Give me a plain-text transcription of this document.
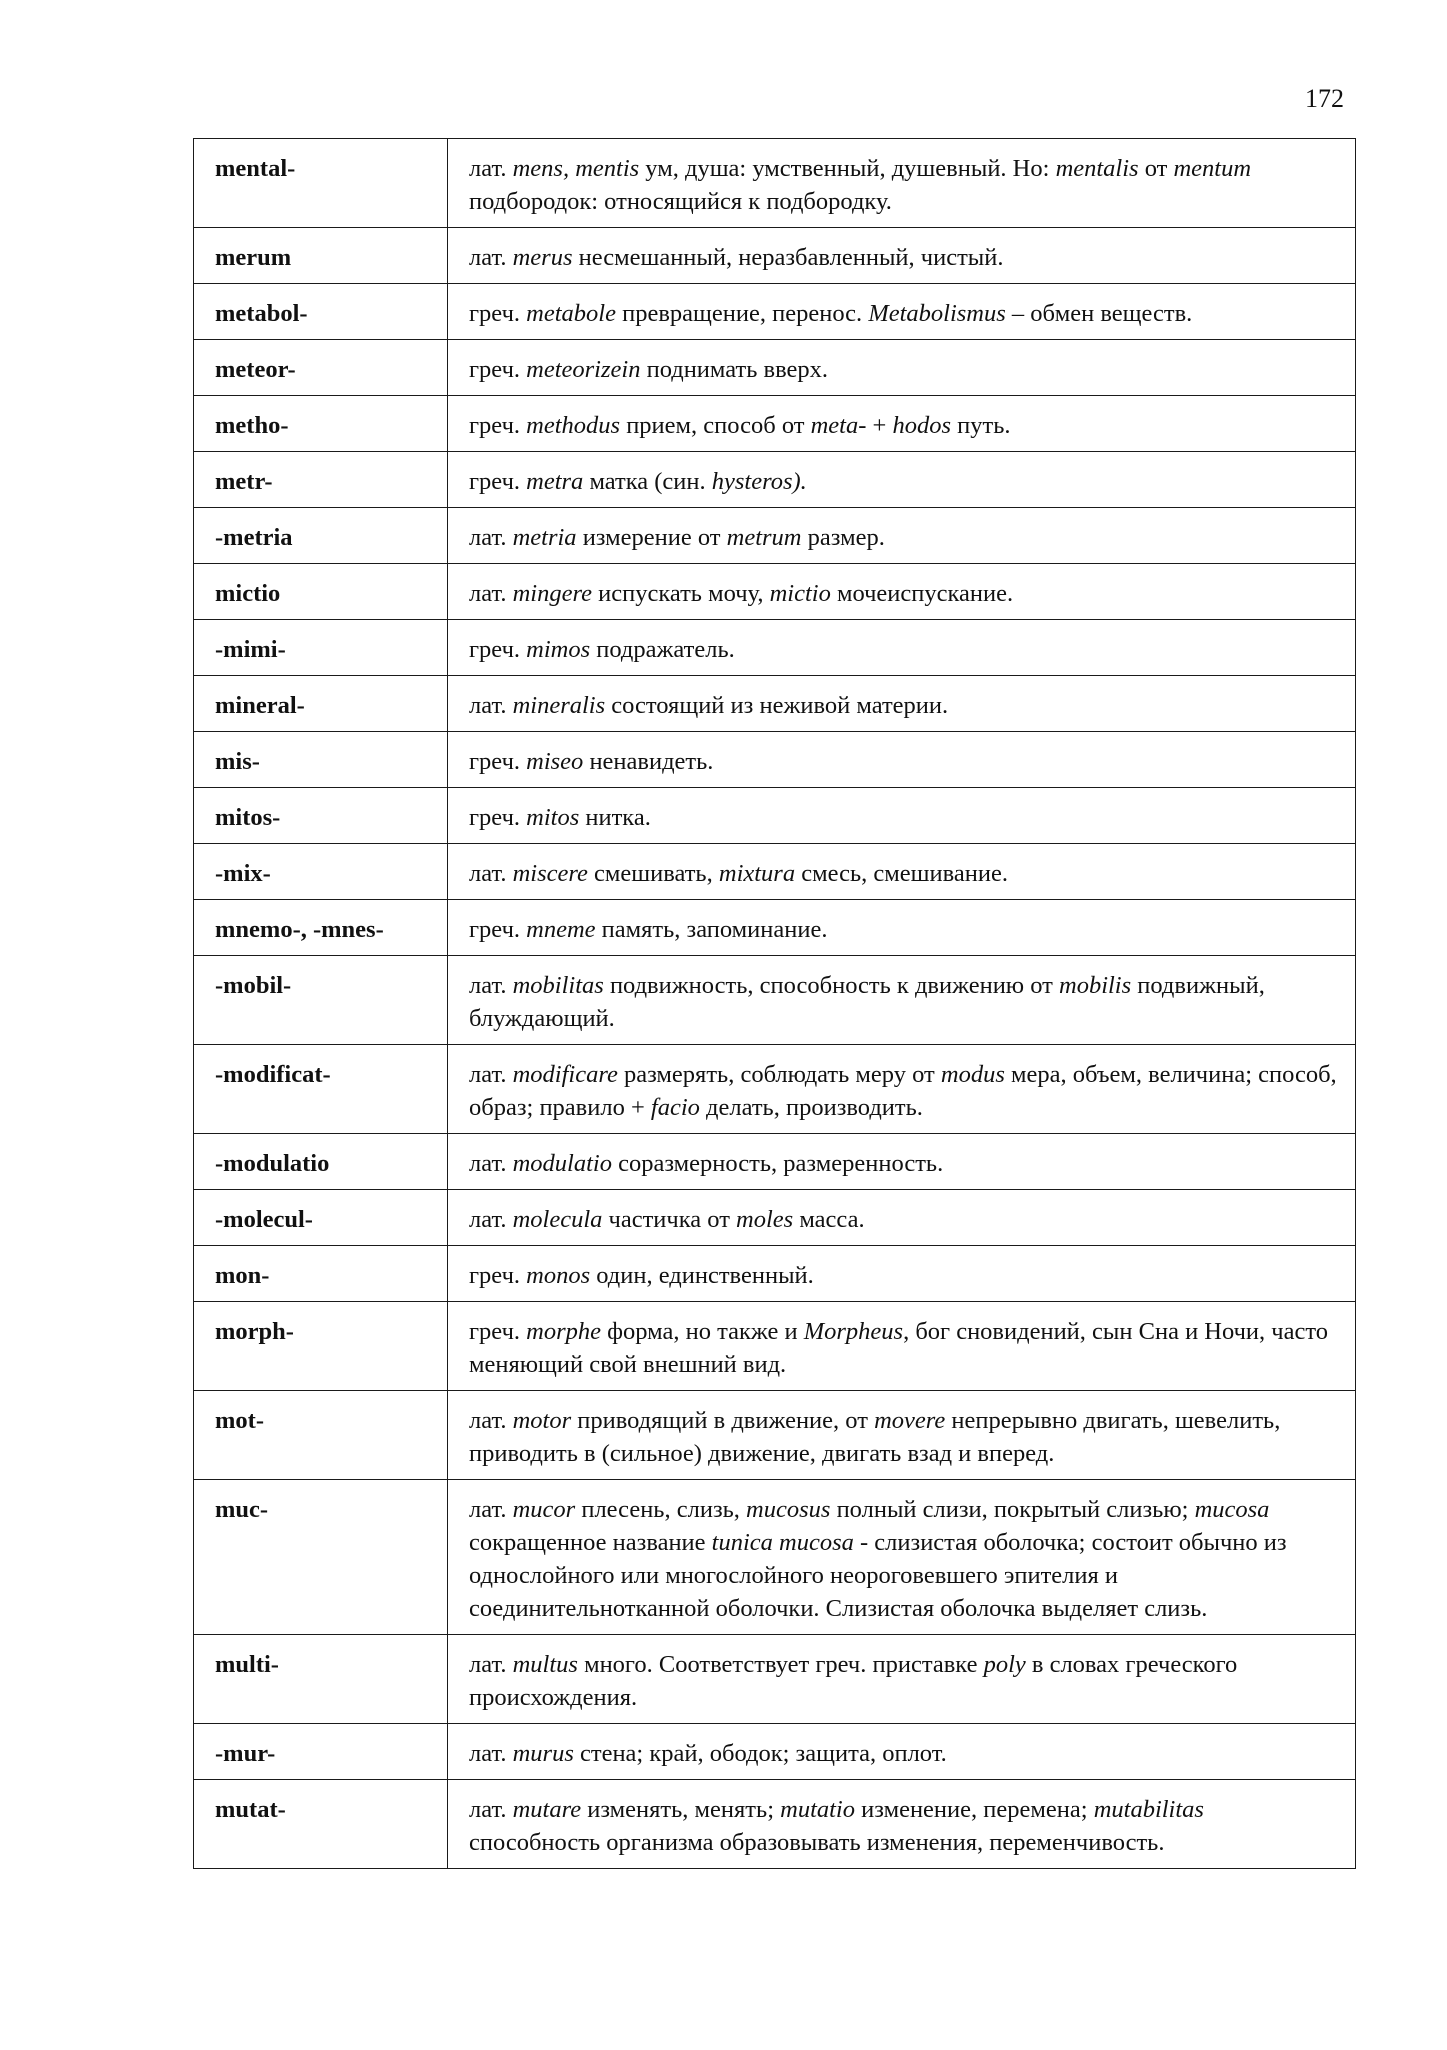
172
mental-	лат. mens, mentis ум, душа: умственный, душевный. Но: mentalis от mentum подбородок: относящийся к подбородку.
merum	лат. merus несмешанный, неразбавленный, чистый.
metabol-	греч. metabole превращение, перенос. Metabolismus – обмен веществ.
meteor-	греч. meteorizein поднимать вверх.
metho-	греч. methodus прием, способ от meta- + hodos путь.
metr-	греч. metra матка (син. hysteros).
-metria	лат. metria измерение от metrum размер.
mictio	лат. mingere испускать мочу, mictio мочеиспускание.
-mimi-	греч. mimos подражатель.
mineral-	лат. mineralis состоящий из неживой материи.
mis-	греч. miseo ненавидеть.
mitos-	греч. mitos нитка.
-mix-	лат. miscere смешивать, mixtura смесь, смешивание.
mnemo-, -mnes-	греч. mneme память, запоминание.
-mobil-	лат. mobilitas подвижность, способность к движению от mobilis подвижный, блуждающий.
-modificat-	лат. modificare размерять, соблюдать меру от modus мера, объем, величина; способ, образ; правило + facio делать, производить.
-modulatio	лат. modulatio соразмерность, размеренность.
-molecul-	лат. molecula частичка от moles масса.
mon-	греч. monos один, единственный.
morph-	греч. morphe форма, но также и Morpheus, бог сновидений, сын Сна и Ночи, часто меняющий свой внешний вид.
mot-	лат. motor приводящий в движение, от movere непрерывно двигать, шевелить, приводить в (сильное) движение, двигать взад и вперед.
muc-	лат. mucor плесень, слизь, mucosus полный слизи, покрытый слизью; mucosa сокращенное название tunica mucosa - слизистая оболочка; состоит обычно из однослойного или многослойного неороговевшего эпителия и соединительнотканной оболочки. Слизистая оболочка выделяет слизь.
multi-	лат. multus много. Соответствует греч. приставке poly в словах греческого происхождения.
-mur-	лат. murus стена; край, ободок; защита, оплот.
mutat-	лат. mutare изменять, менять; mutatio изменение, перемена; mutabilitas способность организма образовывать изменения, переменчивость.
